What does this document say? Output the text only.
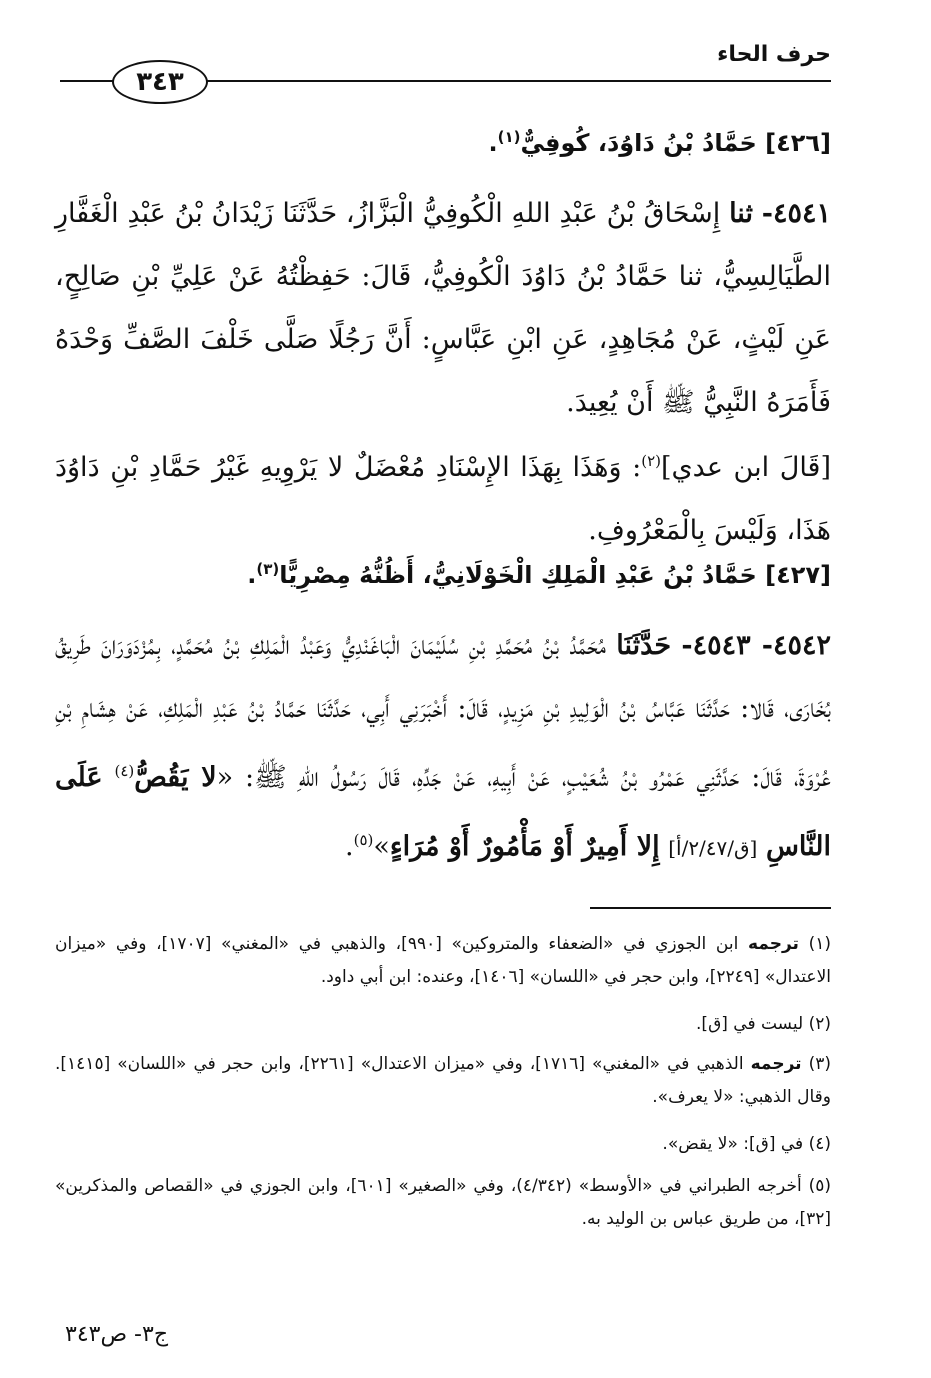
حرف الحاء
٣٤٣
[٤٢٦] حَمَّادُ بْنُ دَاوُدَ، كُوفِيٌّ$^{(١)}$.
٤٥٤١- ثنا إِسْحَاقُ بْنُ عَبْدِ اللهِ الْكُوفِيُّ الْبَزَّازُ، حَدَّثَنَا زَيْدَانُ بْنُ عَبْدِ الْغَفَّارِ الطَّيَالِسِيُّ، ثنا حَمَّادُ بْنُ دَاوُدَ الْكُوفِيُّ، قَالَ: حَفِظْتُهُ عَنْ عَلِيِّ بْنِ صَالِحٍ، عَنِ لَيْثٍ، عَنْ مُجَاهِدٍ، عَنِ ابْنِ عَبَّاسٍ: أَنَّ رَجُلًا صَلَّى خَلْفَ الصَّفِّ وَحْدَهُ فَأَمَرَهُ النَّبِيُّ ﷺ أَنْ يُعِيدَ.
[قَالَ ابن عدي]$^{(٢)}$: وَهَذَا بِهَذَا الإِسْنَادِ مُعْضَلٌ لا يَرْوِيهِ غَيْرُ حَمَّادِ بْنِ دَاوُدَ هَذَا، وَلَيْسَ بِالْمَعْرُوفِ.
[٤٢٧] حَمَّادُ بْنُ عَبْدِ الْمَلِكِ الْخَوْلَانِيُّ، أَظُنُّهُ مِصْرِيًّا$^{(٣)}$.
٤٥٤٢- ٤٥٤٣- حَدَّثَنَا مُحَمَّدُ بْنُ مُحَمَّدِ بْنِ سُلَيْمَانَ الْبَاغَنْدِيُّ وَعَبْدُ الْمَلِكِ بْنُ مُحَمَّدٍ، بِمُزْدَوَرَانَ طَرِيقُ بُخَارَى، قَالا: حَدَّثَنَا عَبَّاسُ بْنُ الْوَلِيدِ بْنِ مَزِيدٍ، قَالَ: أَخْبَرَنِي أَبِي، حَدَّثَنَا حَمَّادُ بْنُ عَبْدِ الْمَلِكِ، عَنْ هِشَامِ بْنِ عُرْوَةَ، قَالَ: حَدَّثَنِي عَمْرُو بْنُ شُعَيْبٍ، عَنْ أَبِيهِ، عَنْ جَدِّهِ، قَالَ رَسُولُ اللهِ ﷺ: «لا يَقُصُّ$^{(٤)}$ عَلَى النَّاسِ [ق/٢/٤٧/أ] إِلا أَمِيرٌ أَوْ مَأْمُورٌ أَوْ مُرَاءٍ»$^{(٥)}$.
(١) ترجمه ابن الجوزي في «الضعفاء والمتروكين» [٩٩٠]، والذهبي في «المغني» [١٧٠٧]، وفي «ميزان الاعتدال» [٢٢٤٩]، وابن حجر في «اللسان» [١٤٠٦]، وعنده: ابن أبي داود.
(٢) ليست في [ق].
(٣) ترجمه الذهبي في «المغني» [١٧١٦]، وفي «ميزان الاعتدال» [٢٢٦١]، وابن حجر في «اللسان» [١٤١٥]. وقال الذهبي: «لا يعرف».
(٤) في [ق]: «لا يقض».
(٥) أخرجه الطبراني في «الأوسط» (٤/٣٤٢)، وفي «الصغير» [٦٠١]، وابن الجوزي في «القصاص والمذكرين» [٣٢]، من طريق عباس بن الوليد به.
ج٣- ص٣٤٣
